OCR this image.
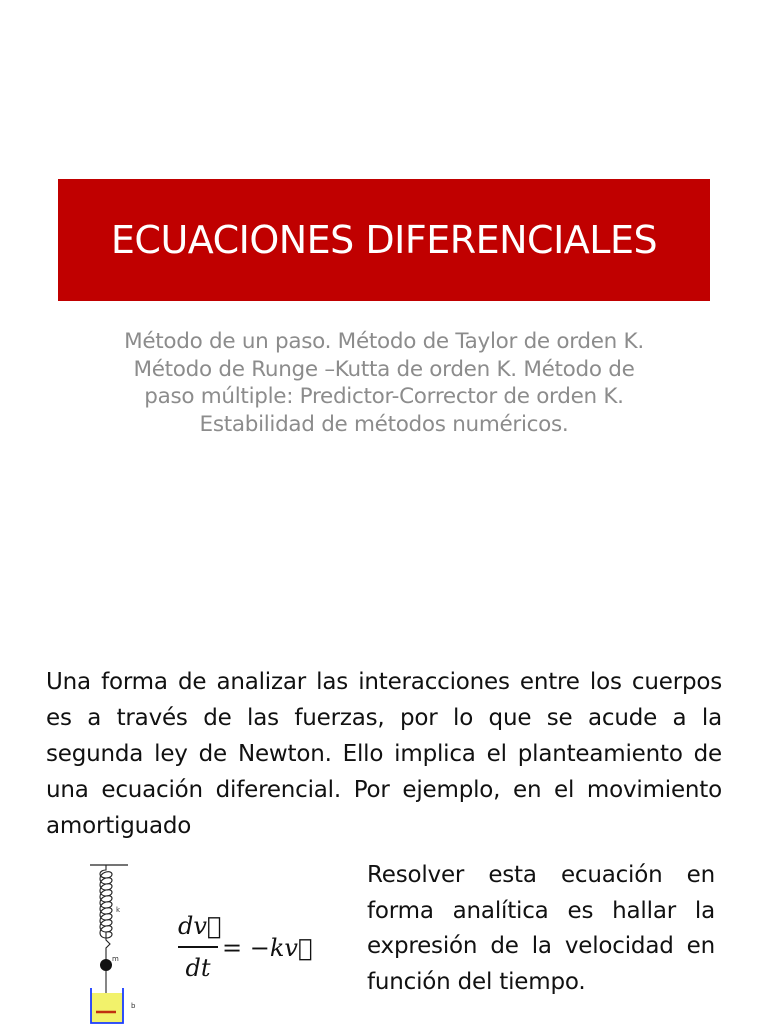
ECUACIONES DIFERENCIALES
Método de un paso. Método de Taylor de orden K. Método de Runge –Kutta de orden K. Método de paso múltiple: Predictor-Corrector de orden K. Estabilidad de métodos numéricos.
Una forma de analizar las interacciones entre los cuerpos es a través de las fuerzas, por lo que se acude a la segunda ley de Newton. Ello implica el planteamiento de una ecuación diferencial. Por ejemplo, en el movimiento amortiguado
k
m
b
dv⃗
dt
= −kv⃗
Resolver esta ecuación en forma analítica es hallar la expresión de la velocidad en función del tiempo.
